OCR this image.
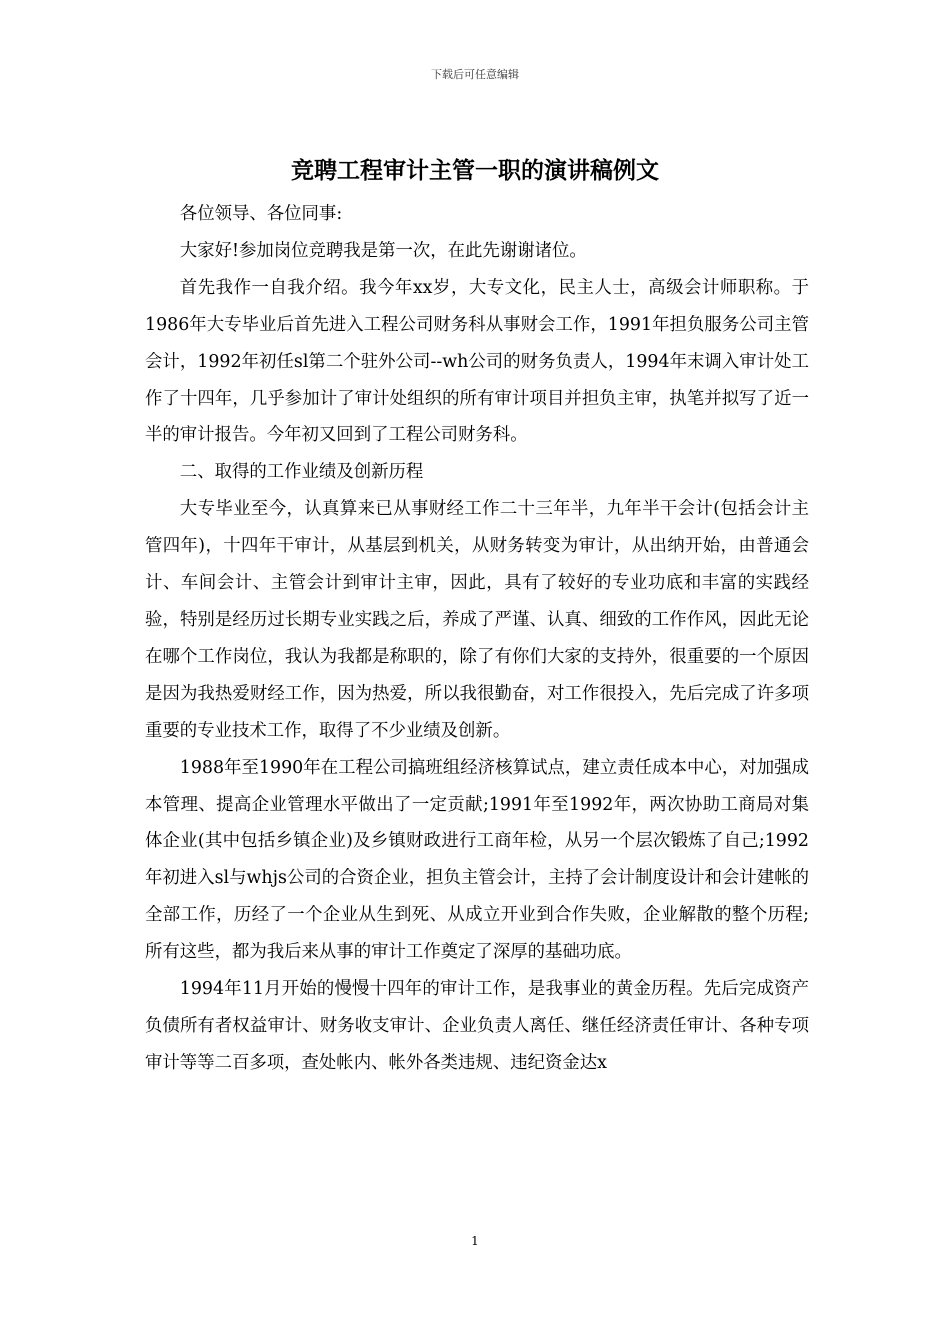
下载后可任意编辑
竞聘工程审计主管一职的演讲稿例文

各位领导、各位同事:

大家好!参加岗位竞聘我是第一次，在此先谢谢诸位。

首先我作一自我介绍。我今年xx岁，大专文化，民主人士，高级会计师职称。于1986年大专毕业后首先进入工程公司财务科从事财会工作，1991年担负服务公司主管会计，1992年初任sl第二个驻外公司--wh公司的财务负责人，1994年末调入审计处工作了十四年，几乎参加计了审计处组织的所有审计项目并担负主审，执笔并拟写了近一半的审计报告。今年初又回到了工程公司财务科。

二、取得的工作业绩及创新历程

大专毕业至今，认真算来已从事财经工作二十三年半，九年半干会计(包括会计主管四年)，十四年干审计，从基层到机关，从财务转变为审计，从出纳开始，由普通会计、车间会计、主管会计到审计主审，因此，具有了较好的专业功底和丰富的实践经验，特别是经历过长期专业实践之后，养成了严谨、认真、细致的工作作风，因此无论在哪个工作岗位，我认为我都是称职的，除了有你们大家的支持外，很重要的一个原因是因为我热爱财经工作，因为热爱，所以我很勤奋，对工作很投入，先后完成了许多项重要的专业技术工作，取得了不少业绩及创新。

1988年至1990年在工程公司搞班组经济核算试点，建立责任成本中心，对加强成本管理、提高企业管理水平做出了一定贡献;1991年至1992年，两次协助工商局对集体企业(其中包括乡镇企业)及乡镇财政进行工商年检，从另一个层次锻炼了自己;1992年初进入sl与whjs公司的合资企业，担负主管会计，主持了会计制度设计和会计建帐的全部工作，历经了一个企业从生到死、从成立开业到合作失败，企业解散的整个历程;所有这些，都为我后来从事的审计工作奠定了深厚的基础功底。

1994年11月开始的慢慢十四年的审计工作，是我事业的黄金历程。先后完成资产负债所有者权益审计、财务收支审计、企业负责人离任、继任经济责任审计、各种专项审计等等二百多项，查处帐内、帐外各类违规、违纪资金达x

1
